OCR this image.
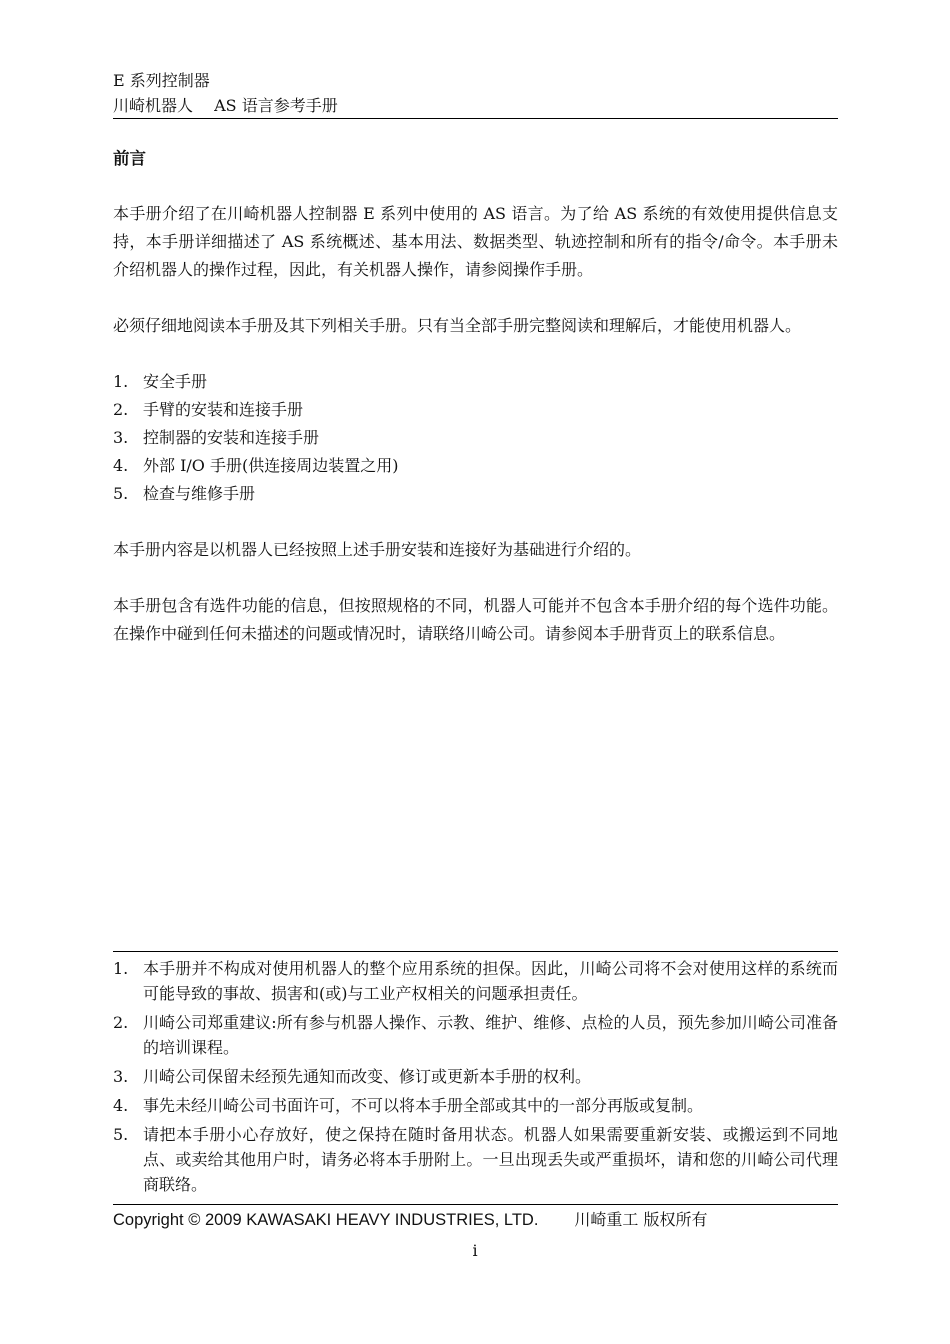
E 系列控制器
川崎机器人　 AS 语言参考手册
前言

本手册介绍了在川崎机器人控制器 E 系列中使用的 AS 语言。为了给 AS 系统的有效使用提供信息支持，本手册详细描述了 AS 系统概述、基本用法、数据类型、轨迹控制和所有的指令/命令。本手册未介绍机器人的操作过程，因此，有关机器人操作，请参阅操作手册。

必须仔细地阅读本手册及其下列相关手册。只有当全部手册完整阅读和理解后，才能使用机器人。

1. 安全手册
2. 手臂的安装和连接手册
3. 控制器的安装和连接手册
4. 外部 I/O 手册(供连接周边装置之用)
5. 检查与维修手册

本手册内容是以机器人已经按照上述手册安装和连接好为基础进行介绍的。

本手册包含有选件功能的信息，但按照规格的不同，机器人可能并不包含本手册介绍的每个选件功能。在操作中碰到任何未描述的问题或情况时，请联络川崎公司。请参阅本手册背页上的联系信息。

1. 本手册并不构成对使用机器人的整个应用系统的担保。因此，川崎公司将不会对使用这样的系统而可能导致的事故、损害和(或)与工业产权相关的问题承担责任。
2. 川崎公司郑重建议:所有参与机器人操作、示教、维护、维修、点检的人员，预先参加川崎公司准备的培训课程。
3. 川崎公司保留未经预先通知而改变、修订或更新本手册的权利。
4. 事先未经川崎公司书面许可，不可以将本手册全部或其中的一部分再版或复制。
5. 请把本手册小心存放好，使之保持在随时备用状态。机器人如果需要重新安装、或搬运到不同地点、或卖给其他用户时，请务必将本手册附上。一旦出现丢失或严重损坏，请和您的川崎公司代理商联络。
Copyright © 2009 KAWASAKI HEAVY INDUSTRIES, LTD. 川崎重工 版权所有
i
